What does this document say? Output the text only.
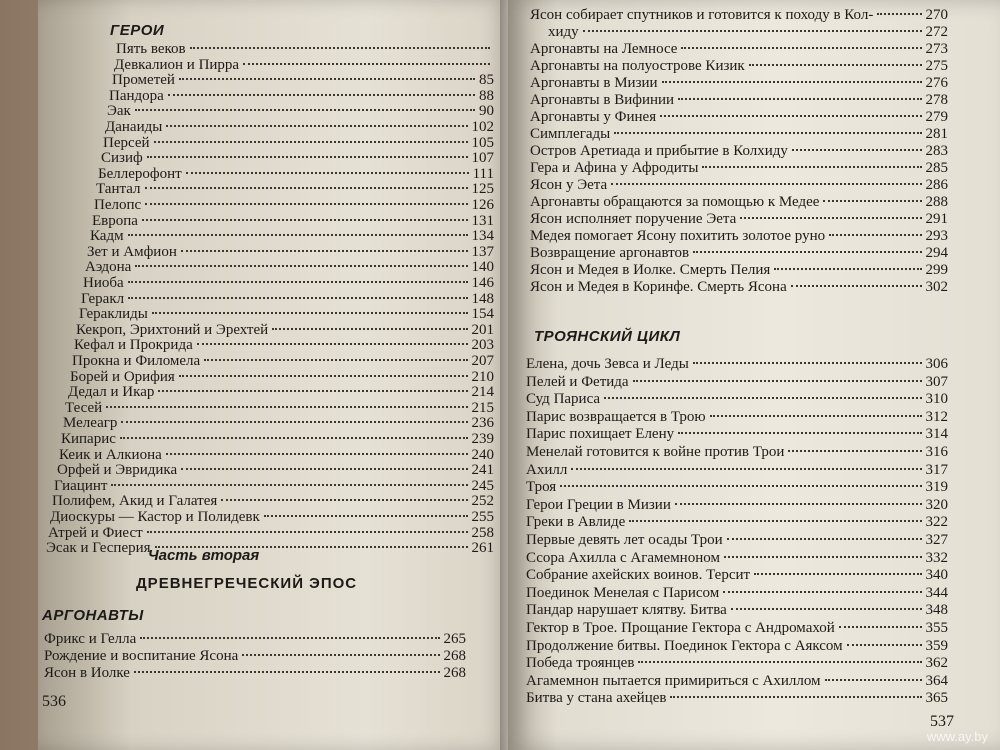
ГЕРОИ
Пять веков
Девкалион и Пирра
Прометей	85
Пандора	88
Эак	90
Данаиды	102
Персей	105
Сизиф	107
Беллерофонт	111
Тантал	125
Пелопс	126
Европа	131
Кадм	134
Зет и Амфион	137
Аэдона	140
Ниоба	146
Геракл	148
Гераклиды	154
Кекроп, Эрихтоний и Эрехтей	201
Кефал и Прокрида	203
Прокна и Филомела	207
Борей и Орифия	210
Дедал и Икар	214
Тесей	215
Мелеагр	236
Кипарис	239
Кеик и Алкиона	240
Орфей и Эвридика	241
Гиацинт	245
Полифем, Акид и Галатея	252
Диоскуры — Кастор и Полидевк	255
Атрей и Фиест	258
Эсак и Гесперия	261
Часть вторая
ДРЕВНЕГРЕЧЕСКИЙ ЭПОС
АРГОНАВТЫ
Фрикс и Гелла	265
Рождение и воспитание Ясона	268
Ясон в Иолке	268
536
Ясон собирает спутников и готовится к походу в Кол-	270
хиду	272
Аргонавты на Лемносе	273
Аргонавты на полуострове Кизик	275
Аргонавты в Мизии	276
Аргонавты в Вифинии	278
Аргонавты у Финея	279
Симплегады	281
Остров Аретиада и прибытие в Колхиду	283
Гера и Афина у Афродиты	285
Ясон у Эета	286
Аргонавты обращаются за помощью к Медее	288
Ясон исполняет поручение Эета	291
Медея помогает Ясону похитить золотое руно	293
Возвращение аргонавтов	294
Ясон и Медея в Иолке. Смерть Пелия	299
Ясон и Медея в Коринфе. Смерть Ясона	302
ТРОЯНСКИЙ ЦИКЛ
Елена, дочь Зевса и Леды	306
Пелей и Фетида	307
Суд Париса	310
Парис возвращается в Трою	312
Парис похищает Елену	314
Менелай готовится к войне против Трои	316
Ахилл	317
Троя	319
Герои Греции в Мизии	320
Греки в Авлиде	322
Первые девять лет осады Трои	327
Ссора Ахилла с Агамемноном	332
Собрание ахейских воинов. Терсит	340
Поединок Менелая с Парисом	344
Пандар нарушает клятву. Битва	348
Гектор в Трое. Прощание Гектора с Андромахой	355
Продолжение битвы. Поединок Гектора с Аяксом	359
Победа троянцев	362
Агамемнон пытается примириться с Ахиллом	364
Битва у стана ахейцев	365
537
www.ay.by
